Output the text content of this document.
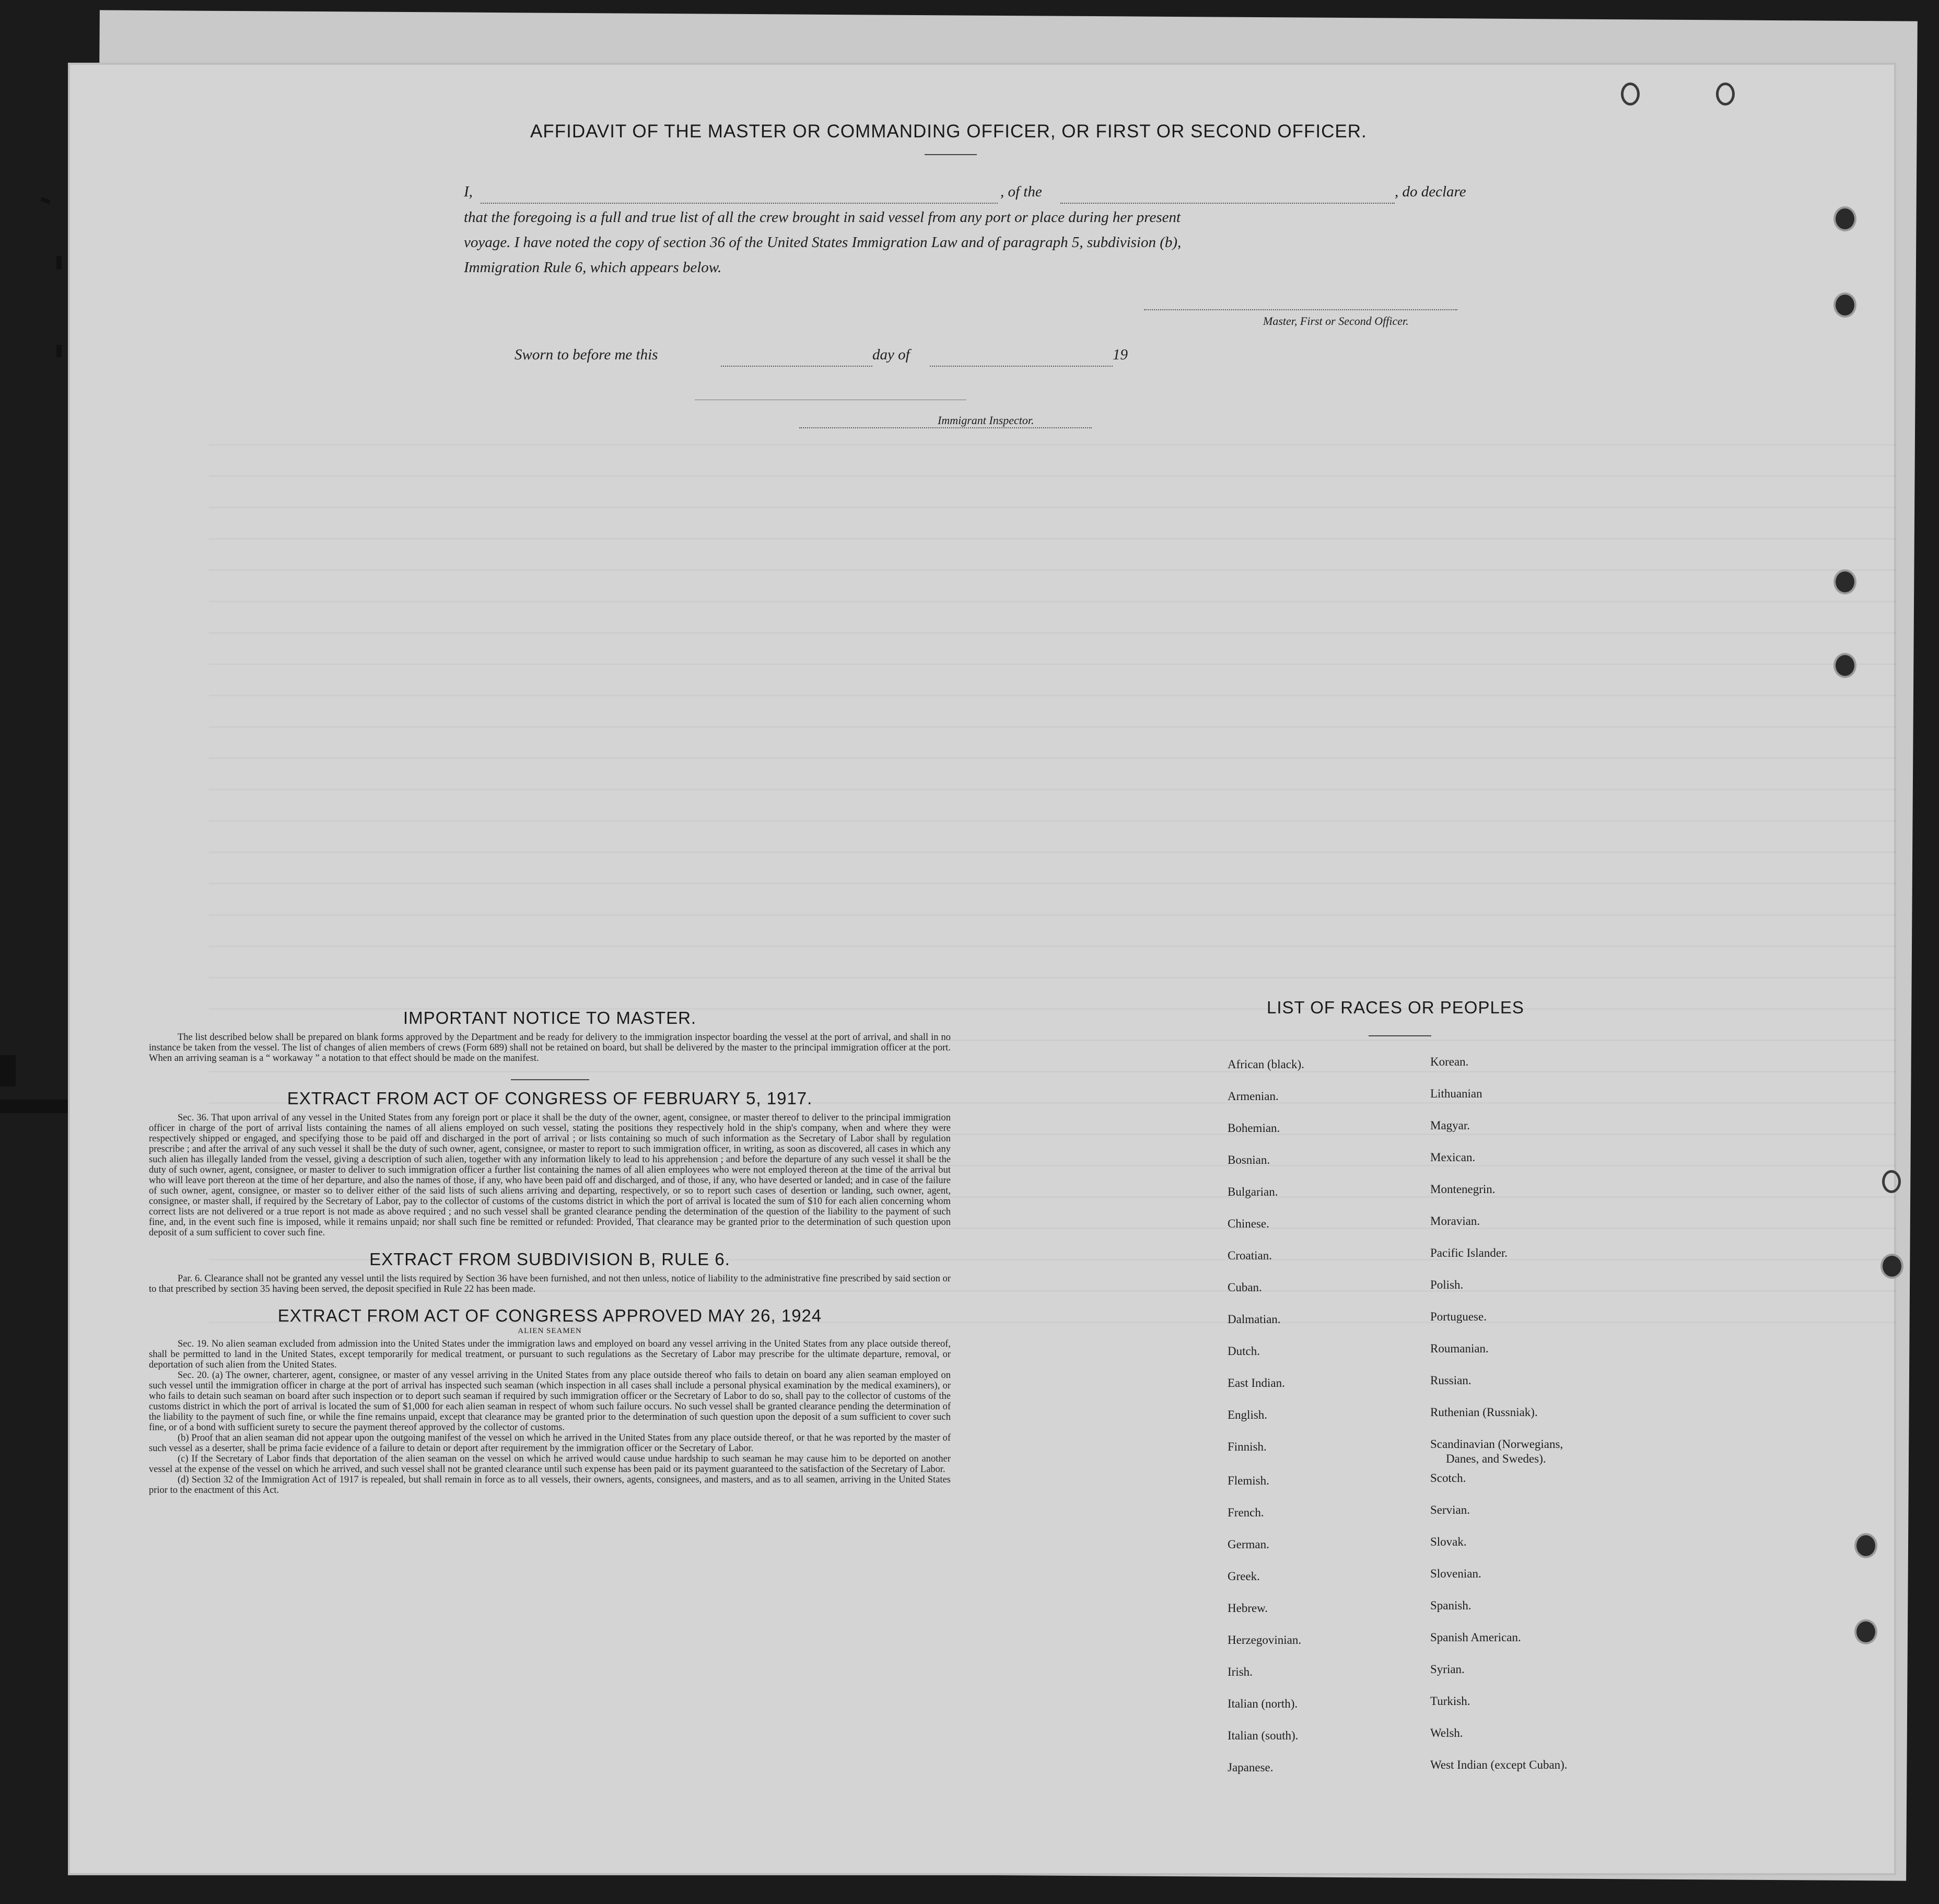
AFFIDAVIT OF THE MASTER OR COMMANDING OFFICER, OR FIRST OR SECOND OFFICER.
I,	, of the	, do declare
that the foregoing is a full and true list of all the crew brought in said vessel from any port or place during her present
voyage. I have noted the copy of section 36 of the United States Immigration Law and of paragraph 5, subdivision (b),
Immigration Rule 6, which appears below.
Master, First or Second Officer.
Sworn to before me this	day of	19
Immigrant Inspector.
IMPORTANT NOTICE TO MASTER.

The list described below shall be prepared on blank forms approved by the Department and be ready for delivery to the immigration inspector boarding the vessel at the port of arrival, and shall in no instance be taken from the vessel. The list of changes of alien members of crews (Form 689) shall not be retained on board, but shall be delivered by the master to the principal immigration officer at the port. When an arriving seaman is a “ workaway ” a notation to that effect should be made on the manifest.

EXTRACT FROM ACT OF CONGRESS OF FEBRUARY 5, 1917.

Sec. 36. That upon arrival of any vessel in the United States from any foreign port or place it shall be the duty of the owner, agent, consignee, or master thereof to deliver to the principal immigration officer in charge of the port of arrival lists containing the names of all aliens employed on such vessel, stating the positions they respectively hold in the ship's company, when and where they were respectively shipped or engaged, and specifying those to be paid off and discharged in the port of arrival ; or lists containing so much of such information as the Secretary of Labor shall by regulation prescribe ; and after the arrival of any such vessel it shall be the duty of such owner, agent, consignee, or master to report to such immigration officer, in writing, as soon as discovered, all cases in which any such alien has illegally landed from the vessel, giving a description of such alien, together with any information likely to lead to his apprehension ; and before the departure of any such vessel it shall be the duty of such owner, agent, consignee, or master to deliver to such immigration officer a further list containing the names of all alien employees who were not employed thereon at the time of the arrival but who will leave port thereon at the time of her departure, and also the names of those, if any, who have been paid off and discharged, and of those, if any, who have deserted or landed; and in case of the failure of such owner, agent, consignee, or master so to deliver either of the said lists of such aliens arriving and departing, respectively, or so to report such cases of desertion or landing, such owner, agent, consignee, or master shall, if required by the Secretary of Labor, pay to the collector of customs of the customs district in which the port of arrival is located the sum of $10 for each alien concerning whom correct lists are not delivered or a true report is not made as above required ; and no such vessel shall be granted clearance pending the determination of the question of the liability to the payment of such fine, and, in the event such fine is imposed, while it remains unpaid; nor shall such fine be remitted or refunded: Provided, That clearance may be granted prior to the determination of such question upon deposit of a sum sufficient to cover such fine.

EXTRACT FROM SUBDIVISION B, RULE 6.

Par. 6. Clearance shall not be granted any vessel until the lists required by Section 36 have been furnished, and not then unless, notice of liability to the administrative fine prescribed by said section or to that prescribed by section 35 having been served, the deposit specified in Rule 22 has been made.

EXTRACT FROM ACT OF CONGRESS APPROVED MAY 26, 1924
ALIEN SEAMEN

Sec. 19. No alien seaman excluded from admission into the United States under the immigration laws and employed on board any vessel arriving in the United States from any place outside thereof, shall be permitted to land in the United States, except temporarily for medical treatment, or pursuant to such regulations as the Secretary of Labor may prescribe for the ultimate departure, removal, or deportation of such alien from the United States.

Sec. 20. (a) The owner, charterer, agent, consignee, or master of any vessel arriving in the United States from any place outside thereof who fails to detain on board any alien seaman employed on such vessel until the immigration officer in charge at the port of arrival has inspected such seaman (which inspection in all cases shall include a personal physical examination by the medical examiners), or who fails to detain such seaman on board after such inspection or to deport such seaman if required by such immigration officer or the Secretary of Labor to do so, shall pay to the collector of customs of the customs district in which the port of arrival is located the sum of $1,000 for each alien seaman in respect of whom such failure occurs. No such vessel shall be granted clearance pending the determination of the liability to the payment of such fine, or while the fine remains unpaid, except that clearance may be granted prior to the determination of such question upon the deposit of a sum sufficient to cover such fine, or of a bond with sufficient surety to secure the payment thereof approved by the collector of customs.

(b) Proof that an alien seaman did not appear upon the outgoing manifest of the vessel on which he arrived in the United States from any place outside thereof, or that he was reported by the master of such vessel as a deserter, shall be prima facie evidence of a failure to detain or deport after requirement by the immigration officer or the Secretary of Labor.

(c) If the Secretary of Labor finds that deportation of the alien seaman on the vessel on which he arrived would cause undue hardship to such seaman he may cause him to be deported on another vessel at the expense of the vessel on which he arrived, and such vessel shall not be granted clearance until such expense has been paid or its payment guaranteed to the satisfaction of the Secretary of Labor.

(d) Section 32 of the Immigration Act of 1917 is repealed, but shall remain in force as to all vessels, their owners, agents, consignees, and masters, and as to all seamen, arriving in the United States prior to the enactment of this Act.

LIST OF RACES OR PEOPLES
African (black).
Armenian.
Bohemian.
Bosnian.
Bulgarian.
Chinese.
Croatian.
Cuban.
Dalmatian.
Dutch.
East Indian.
English.
Finnish.
Flemish.
French.
German.
Greek.
Hebrew.
Herzegovinian.
Irish.
Italian (north).
Italian (south).
Japanese.
Korean.
Lithuanian
Magyar.
Mexican.
Montenegrin.
Moravian.
Pacific Islander.
Polish.
Portuguese.
Roumanian.
Russian.
Ruthenian (Russniak).
Scandinavian (Norwegians,
Danes, and Swedes).
Scotch.
Servian.
Slovak.
Slovenian.
Spanish.
Spanish American.
Syrian.
Turkish.
Welsh.
West Indian (except Cuban).
